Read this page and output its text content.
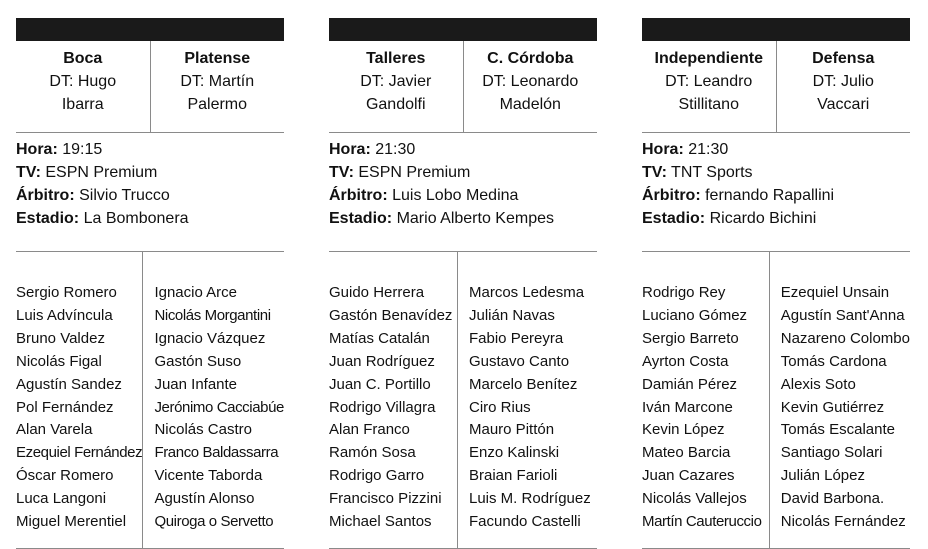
Boca
DT: Hugo
Ibarra
Platense
DT: Martín
Palermo
Hora: 19:15
TV: ESPN Premium
Árbitro: Silvio Trucco
Estadio: La Bombonera
Sergio Romero
Luis Advíncula
Bruno Valdez
Nicolás Figal
Agustín Sandez
Pol Fernández
Alan Varela
Ezequiel Fernández
Óscar Romero
Luca Langoni
Miguel Merentiel
Ignacio Arce
Nicolás Morgantini
Ignacio Vázquez
Gastón Suso
Juan Infante
Jerónimo Cacciabúe
Nicolás Castro
Franco Baldassarra
Vicente Taborda
Agustín Alonso
Quiroga o Servetto
Talleres
DT: Javier
Gandolfi
C. Córdoba
DT: Leonardo
Madelón
Hora: 21:30
TV: ESPN Premium
Árbitro: Luis Lobo Medina
Estadio: Mario Alberto Kempes
Guido Herrera
Gastón Benavídez
Matías Catalán
Juan Rodríguez
Juan C. Portillo
Rodrigo Villagra
Alan Franco
Ramón Sosa
Rodrigo Garro
Francisco Pizzini
Michael Santos
Marcos Ledesma
Julián Navas
Fabio Pereyra
Gustavo Canto
Marcelo Benítez
Ciro Rius
Mauro Pittón
Enzo Kalinski
Braian Farioli
Luis M. Rodríguez
Facundo Castelli
Independiente
DT: Leandro
Stillitano
Defensa
DT: Julio
Vaccari
Hora: 21:30
TV: TNT Sports
Árbitro: fernando Rapallini
Estadio: Ricardo Bichini
Rodrigo Rey
Luciano Gómez
Sergio Barreto
Ayrton Costa
Damián Pérez
Iván Marcone
Kevin López
Mateo Barcia
Juan Cazares
Nicolás Vallejos
Martín Cauteruccio
Ezequiel Unsain
Agustín Sant'Anna
Nazareno Colombo
Tomás Cardona
Alexis Soto
Kevin Gutiérrez
Tomás Escalante
Santiago Solari
Julián López
David Barbona.
Nicolás Fernández
